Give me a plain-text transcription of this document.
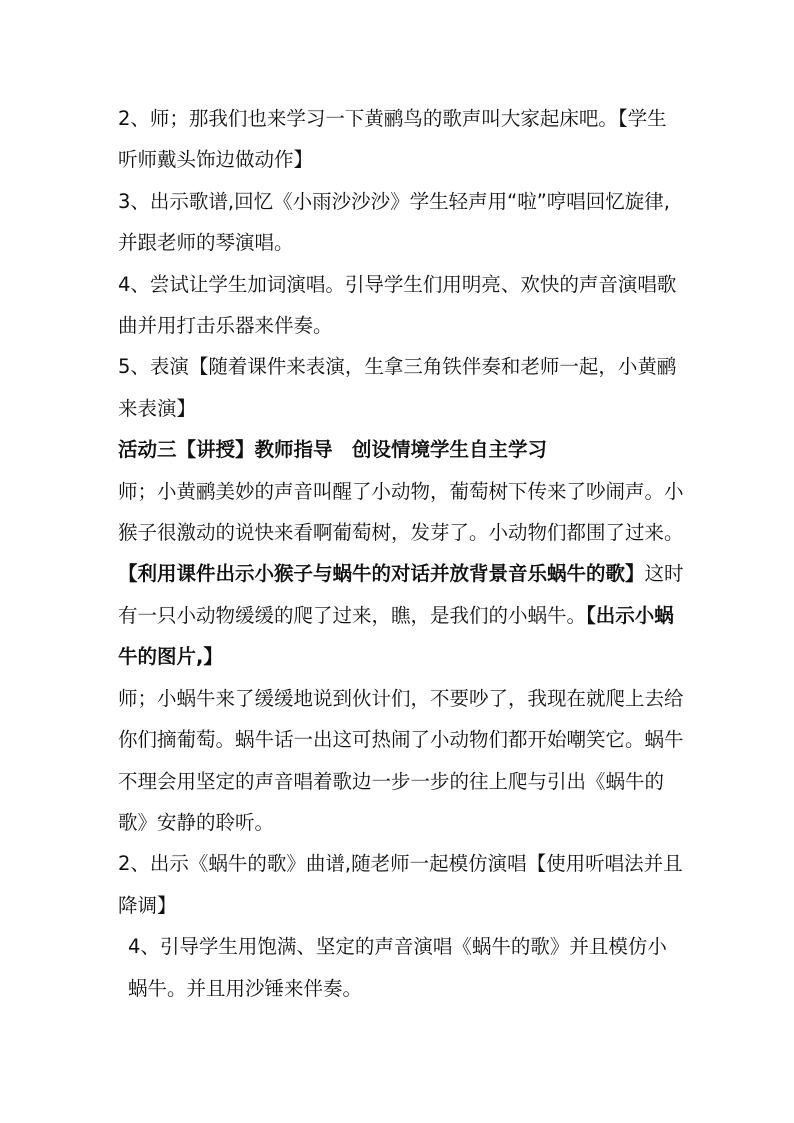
2、师；那我们也来学习一下黄鹂鸟的歌声叫大家起床吧。【学生听师戴头饰边做动作】

3、出示歌谱,回忆《小雨沙沙沙》学生轻声用“啦”哼唱回忆旋律,并跟老师的琴演唱。

4、尝试让学生加词演唱。引导学生们用明亮、欢快的声音演唱歌曲并用打击乐器来伴奏。

5、表演【随着课件来表演，生拿三角铁伴奏和老师一起，小黄鹂来表演】

活动三【讲授】教师指导　创设情境学生自主学习

师；小黄鹂美妙的声音叫醒了小动物，葡萄树下传来了吵闹声。小猴子很激动的说快来看啊葡萄树，发芽了。小动物们都围了过来。

【利用课件出示小猴子与蜗牛的对话并放背景音乐蜗牛的歌】这时有一只小动物缓缓的爬了过来，瞧，是我们的小蜗牛。【出示小蜗牛的图片,】

师；小蜗牛来了缓缓地说到伙计们，不要吵了，我现在就爬上去给你们摘葡萄。蜗牛话一出这可热闹了小动物们都开始嘲笑它。蜗牛不理会用坚定的声音唱着歌边一步一步的往上爬与引出《蜗牛的歌》安静的聆听。

2、出示《蜗牛的歌》曲谱,随老师一起模仿演唱【使用听唱法并且降调】

4、引导学生用饱满、坚定的声音演唱《蜗牛的歌》并且模仿小蜗牛。并且用沙锤来伴奏。
